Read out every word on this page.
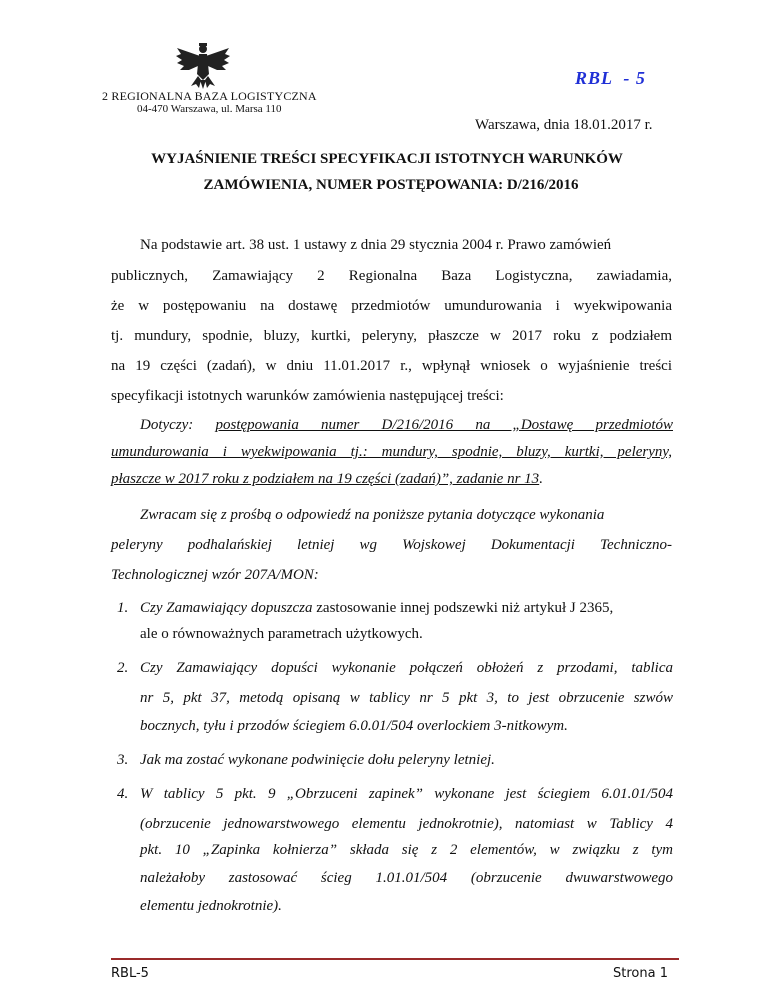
RBL  - 5
2 REGIONALNA BAZA LOGISTYCZNA
04-470 Warszawa, ul. Marsa 110
Warszawa, dnia 18.01.2017 r.
WYJAŚNIENIE TREŚCI SPECYFIKACJI ISTOTNYCH WARUNKÓW
ZAMÓWIENIA, NUMER POSTĘPOWANIA: D/216/2016
Na podstawie art. 38 ust. 1 ustawy z dnia 29 stycznia 2004 r. Prawo zamówień
publicznych, Zamawiający 2 Regionalna Baza Logistyczna, zawiadamia,
że w postępowaniu na dostawę przedmiotów umundurowania i wyekwipowania
tj. mundury, spodnie, bluzy, kurtki, peleryny, płaszcze w 2017 roku z podziałem
na 19 części (zadań), w dniu 11.01.2017 r., wpłynął wniosek o wyjaśnienie treści
specyfikacji istotnych warunków zamówienia następującej treści:
Dotyczy: postępowania numer D/216/2016 na „Dostawę przedmiotów
umundurowania i wyekwipowania tj.: mundury, spodnie, bluzy, kurtki, peleryny,
płaszcze w 2017 roku z podziałem na 19 części (zadań)”, zadanie nr 13.
Zwracam się z prośbą o odpowiedź na poniższe pytania dotyczące wykonania
peleryny podhalańskiej letniej wg Wojskowej Dokumentacji Techniczno-
Technologicznej wzór 207A/MON:
1. Czy Zamawiający dopuszcza zastosowanie innej podszewki niż artykuł J 2365,
ale o równoważnych parametrach użytkowych.
2. Czy Zamawiający dopuści wykonanie połączeń obłożeń z przodami, tablica
nr 5, pkt 37, metodą opisaną w tablicy nr 5 pkt 3, to jest obrzucenie szwów
bocznych, tyłu i przodów ściegiem 6.0.01/504 overlockiem 3-nitkowym.
3. Jak ma zostać wykonane podwinięcie dołu peleryny letniej.
4. W tablicy 5 pkt. 9 „Obrzuceni zapinek” wykonane jest ściegiem 6.01.01/504
(obrzucenie jednowarstwowego elementu jednokrotnie), natomiast w Tablicy 4
pkt. 10 „Zapinka kołnierza” składa się z 2 elementów, w związku z tym
należałoby zastosować ścieg 1.01.01/504 (obrzucenie dwuwarstwowego
elementu jednokrotnie).
RBL-5	Strona 1
